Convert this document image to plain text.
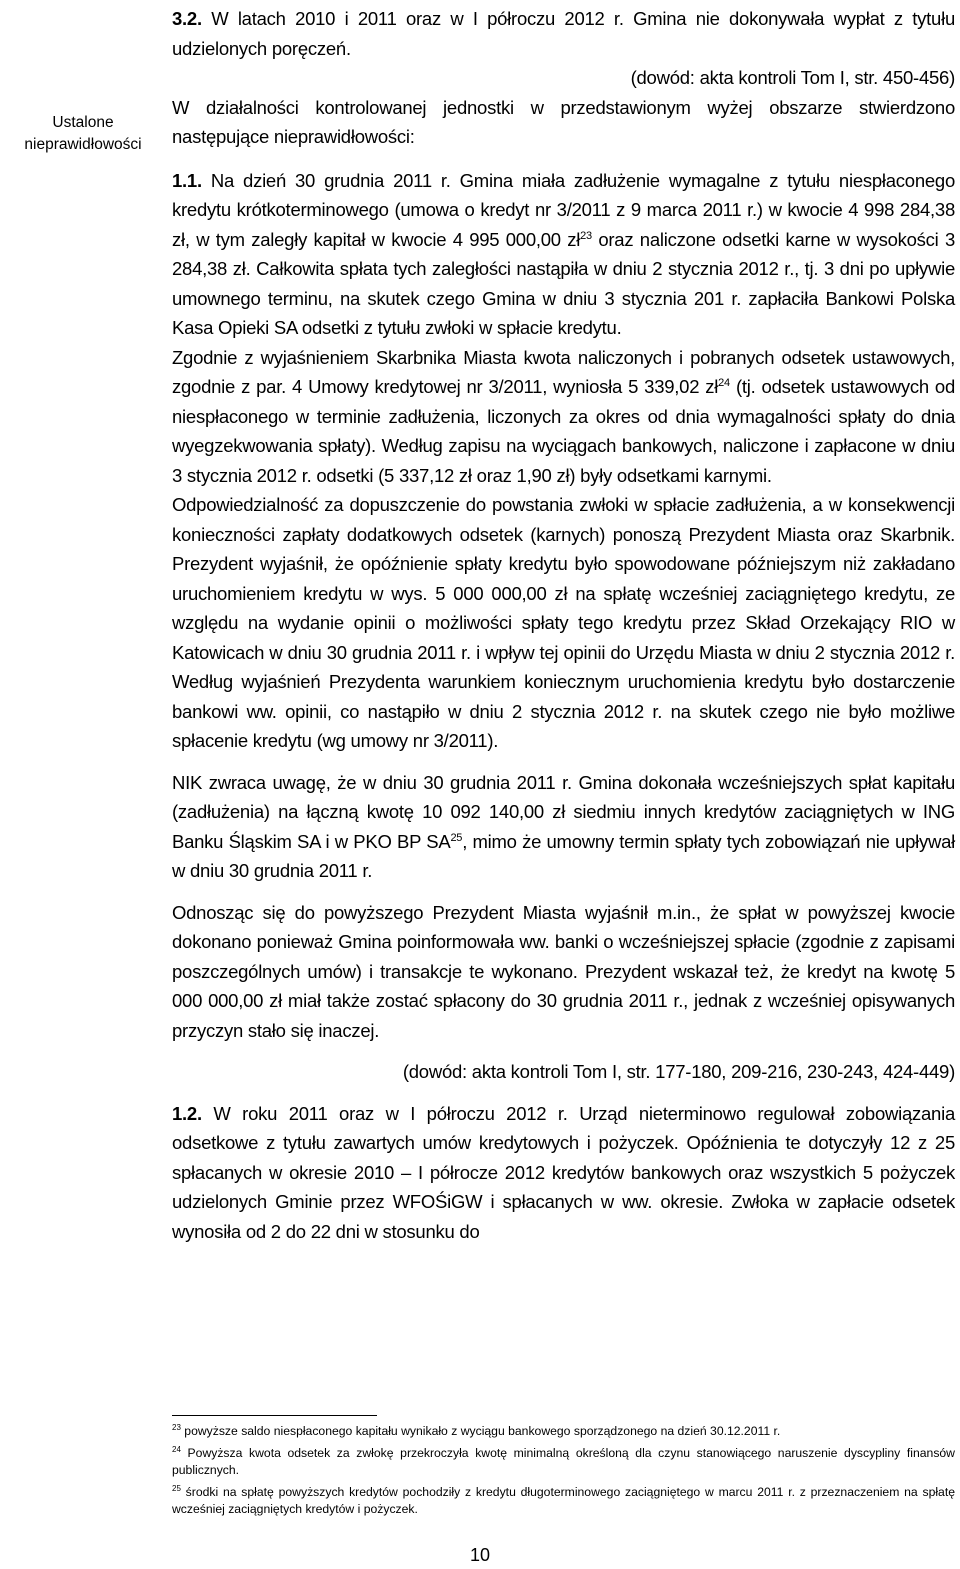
Ustalone
nieprawidłowości

3.2. W latach 2010 i 2011 oraz w I półroczu 2012 r. Gmina nie dokonywała wypłat z tytułu udzielonych poręczeń.

(dowód: akta kontroli Tom I, str. 450-456)

W działalności kontrolowanej jednostki w przedstawionym wyżej obszarze stwierdzono następujące nieprawidłowości:

1.1. Na dzień 30 grudnia 2011 r. Gmina miała zadłużenie wymagalne z tytułu niespłaconego kredytu krótkoterminowego (umowa o kredyt nr 3/2011 z 9 marca 2011 r.) w kwocie 4 998 284,38 zł, w tym zaległy kapitał w kwocie 4 995 000,00 $zł^{23}$ oraz naliczone odsetki karne w wysokości 3 284,38 zł. Całkowita spłata tych zaległości nastąpiła w dniu 2 stycznia 2012 r., tj. 3 dni po upływie umownego terminu, na skutek czego Gmina w dniu 3 stycznia 201 r. zapłaciła Bankowi Polska Kasa Opieki SA odsetki z tytułu zwłoki w spłacie kredytu.

Zgodnie z wyjaśnieniem Skarbnika Miasta kwota naliczonych i pobranych odsetek ustawowych, zgodnie z par. 4 Umowy kredytowej nr 3/2011, wyniosła 5 339,02 $zł^{24}$ (tj. odsetek ustawowych od niespłaconego w terminie zadłużenia, liczonych za okres od dnia wymagalności spłaty do dnia wyegzekwowania spłaty). Według zapisu na wyciągach bankowych, naliczone i zapłacone w dniu 3 stycznia 2012 r. odsetki (5 337,12 zł oraz 1,90 zł) były odsetkami karnymi.

Odpowiedzialność za dopuszczenie do powstania zwłoki w spłacie zadłużenia, a w konsekwencji konieczności zapłaty dodatkowych odsetek (karnych) ponoszą Prezydent Miasta oraz Skarbnik. Prezydent wyjaśnił, że opóźnienie spłaty kredytu było spowodowane późniejszym niż zakładano uruchomieniem kredytu w wys. 5 000 000,00 zł na spłatę wcześniej zaciągniętego kredytu, ze względu na wydanie opinii o możliwości spłaty tego kredytu przez Skład Orzekający RIO w Katowicach w dniu 30 grudnia 2011 r. i wpływ tej opinii do Urzędu Miasta w dniu 2 stycznia 2012 r. Według wyjaśnień Prezydenta warunkiem koniecznym uruchomienia kredytu było dostarczenie bankowi ww. opinii, co nastąpiło w dniu 2 stycznia 2012 r. na skutek czego nie było możliwe spłacenie kredytu (wg umowy nr 3/2011).

NIK zwraca uwagę, że w dniu 30 grudnia 2011 r. Gmina dokonała wcześniejszych spłat kapitału (zadłużenia) na łączną kwotę 10 092 140,00 zł siedmiu innych kredytów zaciągniętych w ING Banku Śląskim SA i w PKO BP SA$^{25}$, mimo że umowny termin spłaty tych zobowiązań nie upływał w dniu 30 grudnia 2011 r.

Odnosząc się do powyższego Prezydent Miasta wyjaśnił m.in., że spłat w powyższej kwocie dokonano ponieważ Gmina poinformowała ww. banki o wcześniejszej spłacie (zgodnie z zapisami poszczególnych umów) i transakcje te wykonano. Prezydent wskazał też, że kredyt na kwotę 5 000 000,00 zł miał także zostać spłacony do 30 grudnia 2011 r., jednak z wcześniej opisywanych przyczyn stało się inaczej.

(dowód: akta kontroli Tom I, str. 177-180, 209-216, 230-243, 424-449)

1.2. W roku 2011 oraz w I półroczu 2012 r. Urząd nieterminowo regulował zobowiązania odsetkowe z tytułu zawartych umów kredytowych i pożyczek. Opóźnienia te dotyczyły 12 z 25 spłacanych w okresie 2010 – I półrocze 2012 kredytów bankowych oraz wszystkich 5 pożyczek udzielonych Gminie przez WFOŚiGW i spłacanych w ww. okresie. Zwłoka w zapłacie odsetek wynosiła od 2 do 22 dni w stosunku do

$^{23}$ powyższe saldo niespłaconego kapitału wynikało z wyciągu bankowego sporządzonego na dzień 30.12.2011 r.

$^{24}$ Powyższa kwota odsetek za zwłokę przekroczyła kwotę minimalną określoną dla czynu stanowiącego naruszenie dyscypliny finansów publicznych.

$^{25}$ środki na spłatę powyższych kredytów pochodziły z kredytu długoterminowego zaciągniętego w marcu 2011 r. z przeznaczeniem na spłatę wcześniej zaciągniętych kredytów i pożyczek.

10
